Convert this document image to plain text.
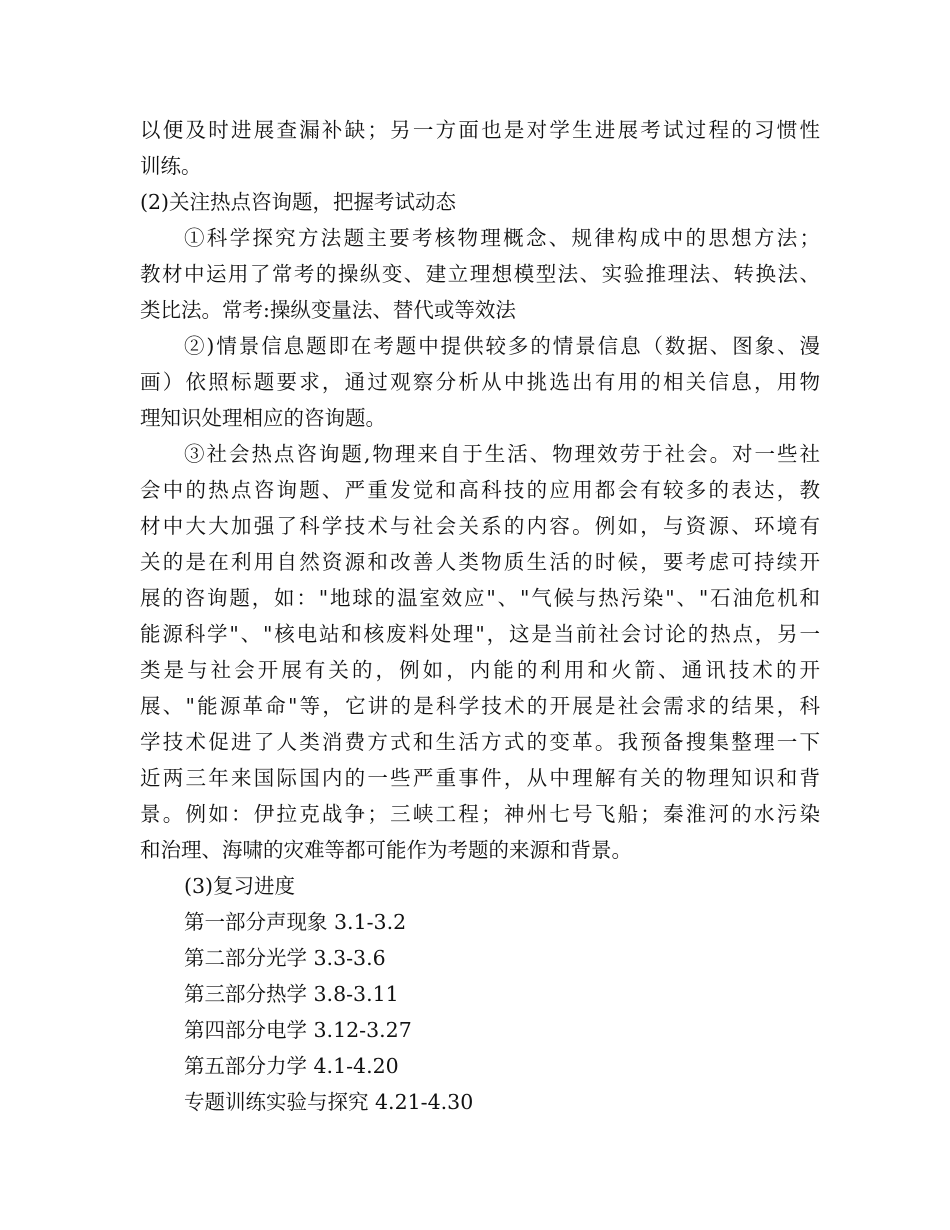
以便及时进展查漏补缺；另一方面也是对学生进展考试过程的习惯性
训练。
(2)关注热点咨询题，把握考试动态
①科学探究方法题主要考核物理概念、规律构成中的思想方法；
教材中运用了常考的操纵变、建立理想模型法、实验推理法、转换法、
类比法。常考:操纵变量法、替代或等效法
②)情景信息题即在考题中提供较多的情景信息（数据、图象、漫
画）依照标题要求，通过观察分析从中挑选出有用的相关信息，用物
理知识处理相应的咨询题。
③社会热点咨询题,物理来自于生活、物理效劳于社会。对一些社
会中的热点咨询题、严重发觉和高科技的应用都会有较多的表达，教
材中大大加强了科学技术与社会关系的内容。例如，与资源、环境有
关的是在利用自然资源和改善人类物质生活的时候，要考虑可持续开
展的咨询题，如："地球的温室效应"、"气候与热污染"、"石油危机和
能源科学"、"核电站和核废料处理"，这是当前社会讨论的热点，另一
类是与社会开展有关的，例如，内能的利用和火箭、通讯技术的开
展、"能源革命"等，它讲的是科学技术的开展是社会需求的结果，科
学技术促进了人类消费方式和生活方式的变革。我预备搜集整理一下
近两三年来国际国内的一些严重事件，从中理解有关的物理知识和背
景。例如：伊拉克战争；三峡工程；神州七号飞船；秦淮河的水污染
和治理、海啸的灾难等都可能作为考题的来源和背景。
(3)复习进度
第一部分声现象 3.1-3.2
第二部分光学 3.3-3.6
第三部分热学 3.8-3.11
第四部分电学 3.12-3.27
第五部分力学 4.1-4.20
专题训练实验与探究 4.21-4.30
